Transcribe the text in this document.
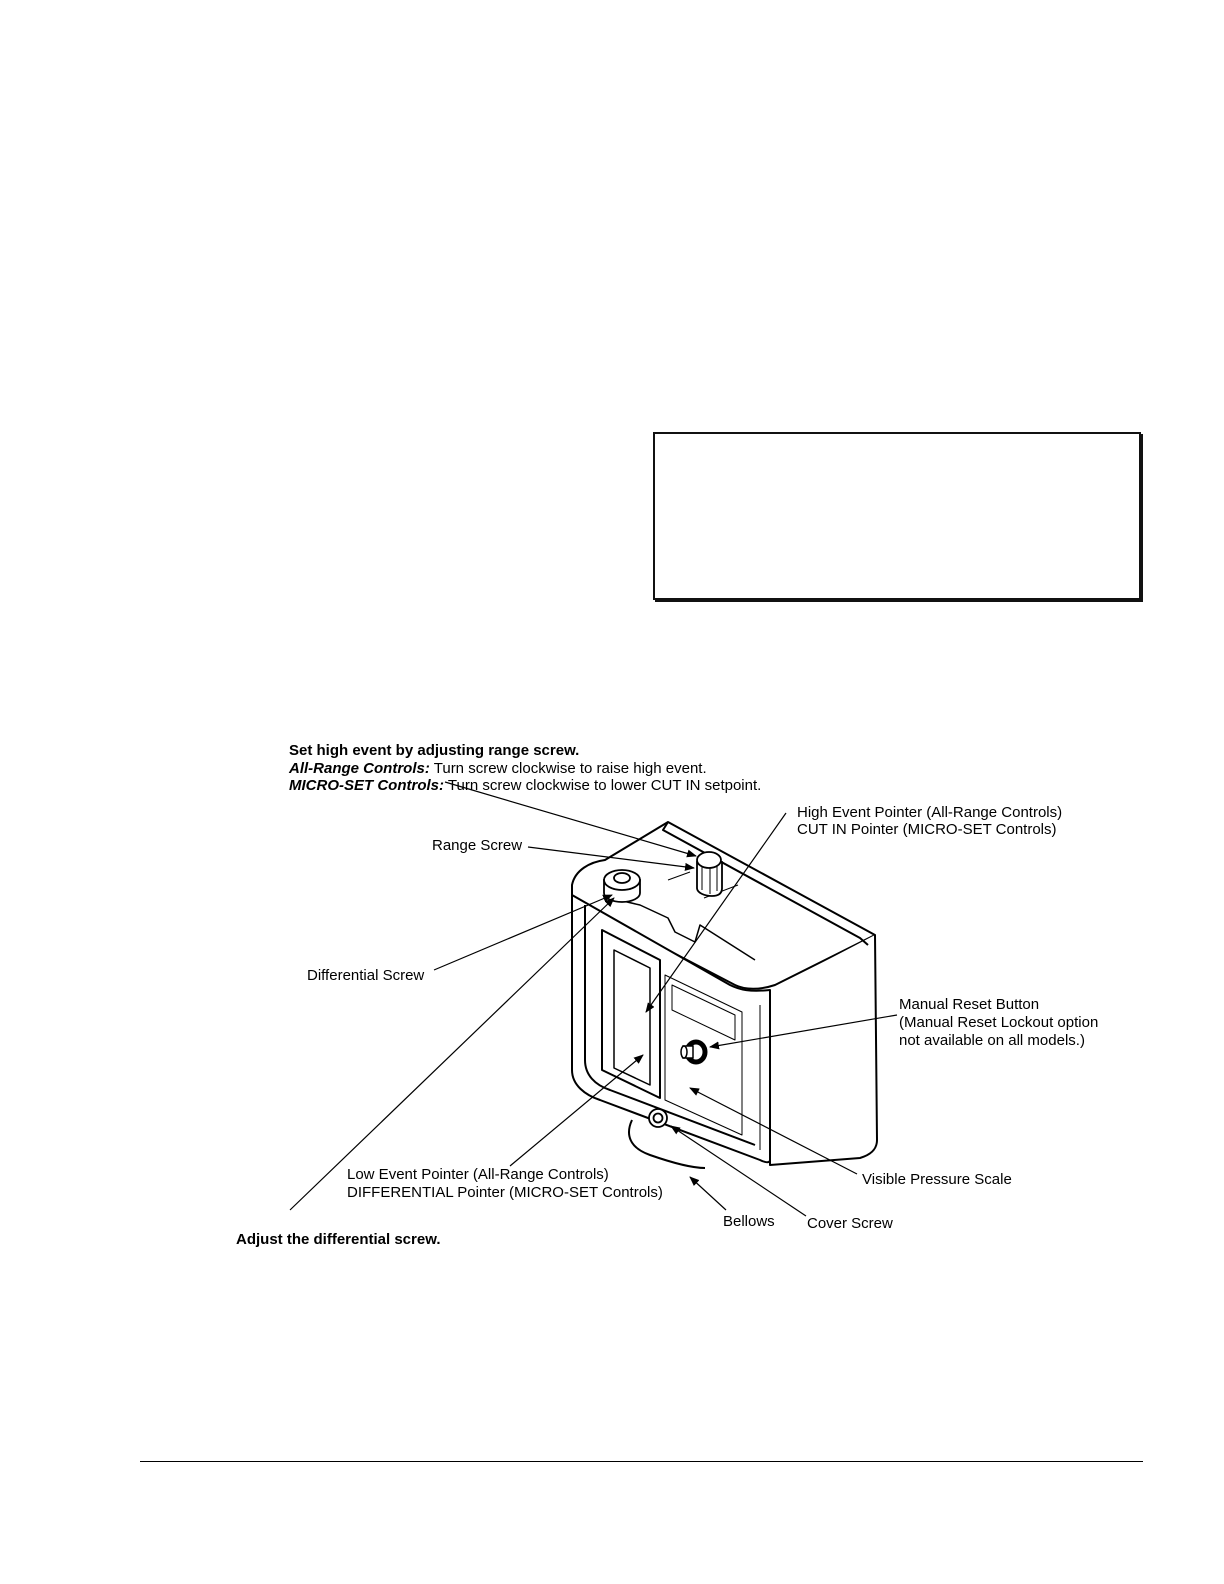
Set high event by adjusting range screw.
All-Range Controls: Turn screw clockwise to raise high event.
MICRO-SET Controls: Turn screw clockwise to lower CUT IN setpoint.
High Event Pointer (All-Range Controls)
CUT IN Pointer (MICRO-SET Controls)
Range Screw
Differential Screw
Manual Reset Button
(Manual Reset Lockout option
not available on all models.)
Low Event Pointer (All-Range Controls)
DIFFERENTIAL Pointer (MICRO-SET Controls)
Visible Pressure Scale
Bellows Cover Screw
Adjust the differential screw.
